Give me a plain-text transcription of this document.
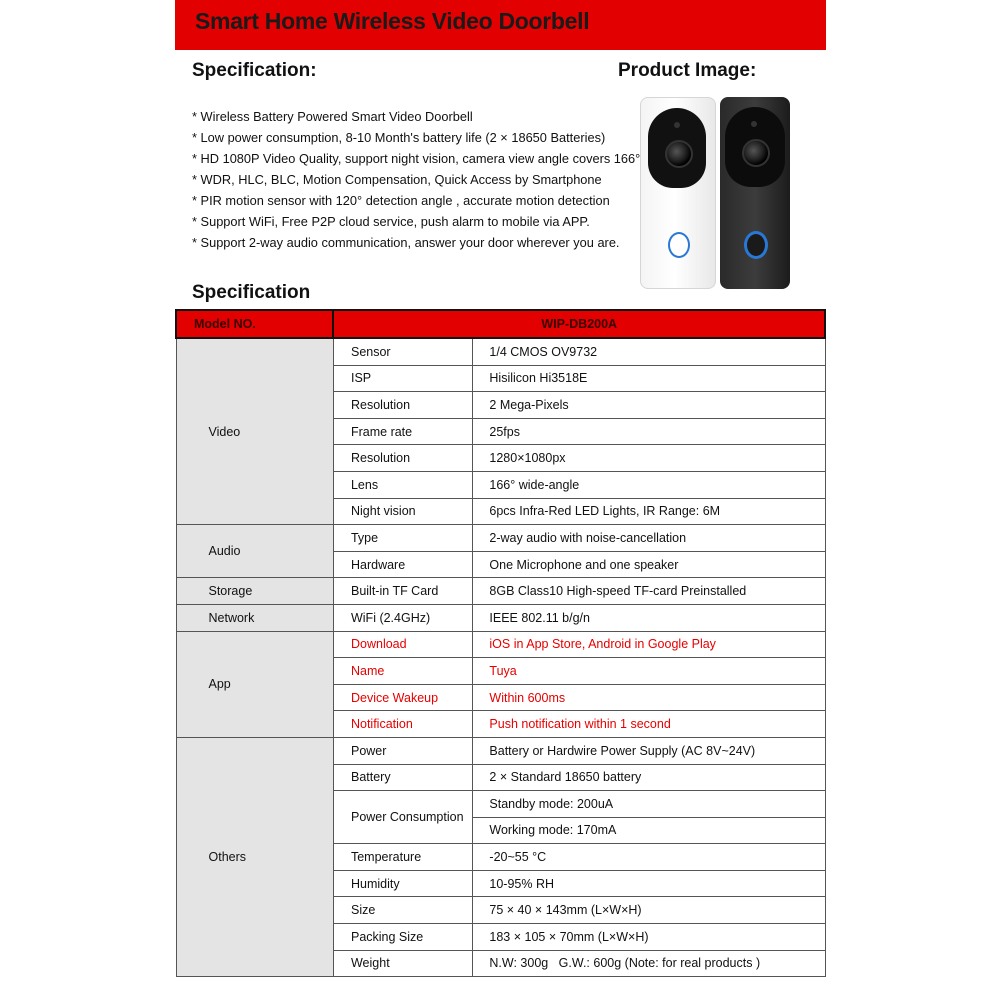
Smart Home Wireless Video Doorbell
Specification:	Product Image:
* Wireless Battery Powered Smart Video Doorbell
* Low power consumption, 8-10 Month's battery life (2 × 18650 Batteries)
* HD 1080P Video Quality, support night vision, camera view angle covers 166°
* WDR, HLC, BLC, Motion Compensation, Quick Access by Smartphone
* PIR motion sensor with 120° detection angle , accurate motion detection
* Support WiFi, Free P2P cloud service, push alarm to mobile via APP.
* Support 2-way audio communication, answer your door wherever you are.
Specification
Model NO.	WIP-DB200A	
Video	Sensor	1/4 CMOS OV9732
	ISP	Hisilicon Hi3518E
	Resolution	2 Mega-Pixels
	Frame rate	25fps
	Resolution	1280×1080px
	Lens	166° wide-angle
	Night vision	6pcs Infra-Red LED Lights, IR Range: 6M
Audio	Type	2-way audio with noise-cancellation
	Hardware	One Microphone and one speaker
Storage	Built-in TF Card	8GB Class10 High-speed TF-card Preinstalled
Network	WiFi (2.4GHz)	IEEE 802.11 b/g/n
App	Download	iOS in App Store, Android in Google Play
	Name	Tuya
	Device Wakeup	Within 600ms
	Notification	Push notification within 1 second
Others	Power	Battery or Hardwire Power Supply (AC 8V~24V)
	Battery	2 × Standard 18650 battery
	Power Consumption	Standby mode: 200uA
		Working mode: 170mA
	Temperature	-20~55 °C
	Humidity	10-95% RH
	Size	75 × 40 × 143mm (L×W×H)
	Packing Size	183 × 105 × 70mm (L×W×H)
	Weight	N.W: 300g   G.W.: 600g (Note: for real products )
